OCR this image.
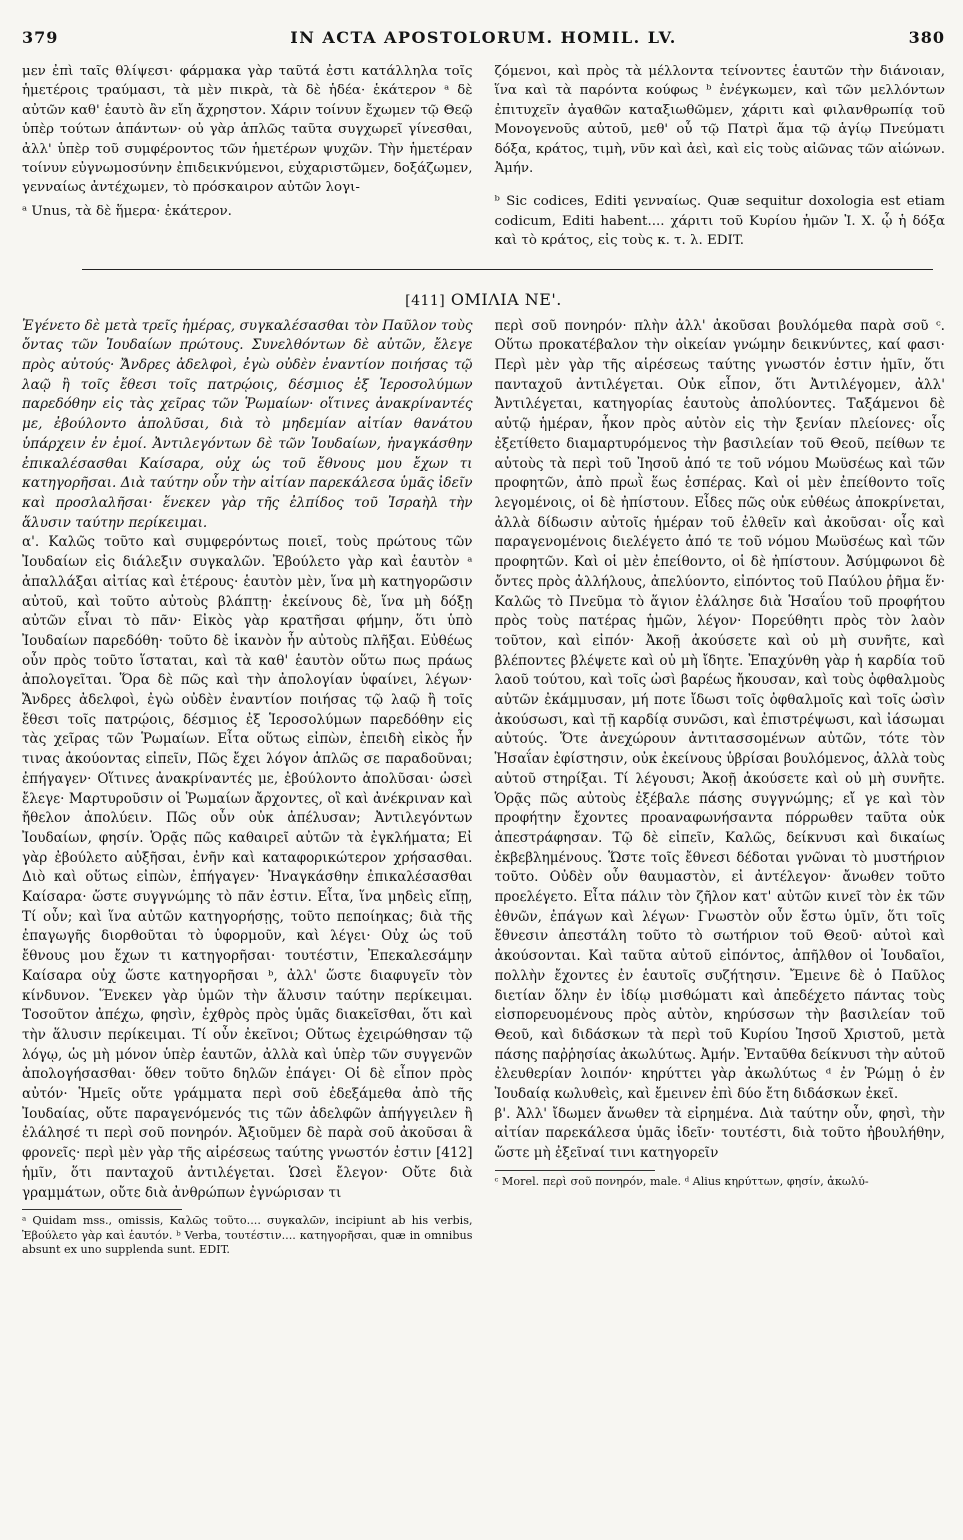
379	IN ACTA APOSTOLORUM. HOMIL. LV.	380

μεν ἐπὶ ταῖς θλίψεσι· φάρμακα γὰρ ταῦτά ἐστι κατάλληλα τοῖς ἡμετέροις τραύμασι, τὰ μὲν πικρὰ, τὰ δὲ ἡδέα· ἑκάτερον ᵃ δὲ αὐτῶν καθ' ἑαυτὸ ἂν εἴη ἄχρηστον. Χάριν τοίνυν ἔχωμεν τῷ Θεῷ ὑπὲρ τούτων ἁπάντων· οὐ γὰρ ἁπλῶς ταῦτα συγχωρεῖ γίνεσθαι, ἀλλ' ὑπὲρ τοῦ συμφέροντος τῶν ἡμετέρων ψυχῶν. Τὴν ἡμετέραν τοίνυν εὐγνωμοσύνην ἐπιδεικνύμενοι, εὐχαριστῶμεν, δοξάζωμεν, γενναίως ἀντέχωμεν, τὸ πρόσκαιρον αὐτῶν λογι-

ᵃ Unus, τὰ δὲ ἥμερα· ἑκάτερον.

ζόμενοι, καὶ πρὸς τὰ μέλλοντα τείνοντες ἑαυτῶν τὴν διάνοιαν, ἵνα καὶ τὰ παρόντα κούφως ᵇ ἐνέγκωμεν, καὶ τῶν μελλόντων ἐπιτυχεῖν ἀγαθῶν καταξιωθῶμεν, χάριτι καὶ φιλανθρωπίᾳ τοῦ Μονογενοῦς αὐτοῦ, μεθ' οὗ τῷ Πατρὶ ἅμα τῷ ἁγίῳ Πνεύματι δόξα, κράτος, τιμὴ, νῦν καὶ ἀεὶ, καὶ εἰς τοὺς αἰῶνας τῶν αἰώνων. Ἀμήν.

ᵇ Sic codices, Editi γενναίως. Quæ sequitur doxologia est etiam codicum, Editi habent.... χάριτι τοῦ Κυρίου ἡμῶν Ἰ. Χ. ᾧ ἡ δόξα καὶ τὸ κράτος, εἰς τοὺς κ. τ. λ. EDIT.

[411] ΟΜΙΛΙΑ ΝΕ'.

Ἐγένετο δὲ μετὰ τρεῖς ἡμέρας, συγκαλέσασθαι τὸν Παῦλον τοὺς ὄντας τῶν Ἰουδαίων πρώτους. Συνελθόντων δὲ αὐτῶν, ἔλεγε πρὸς αὐτούς· Ἄνδρες ἀδελφοὶ, ἐγὼ οὐδὲν ἐναντίον ποιήσας τῷ λαῷ ἢ τοῖς ἔθεσι τοῖς πατρῴοις, δέσμιος ἐξ Ἱεροσολύμων παρεδόθην εἰς τὰς χεῖρας τῶν Ῥωμαίων· οἵτινες ἀνακρίναντές με, ἐβούλοντο ἀπολῦσαι, διὰ τὸ μηδεμίαν αἰτίαν θανάτου ὑπάρχειν ἐν ἐμοί. Ἀντιλεγόντων δὲ τῶν Ἰουδαίων, ἠναγκάσθην ἐπικαλέσασθαι Καίσαρα, οὐχ ὡς τοῦ ἔθνους μου ἔχων τι κατηγορῆσαι. Διὰ ταύτην οὖν τὴν αἰτίαν παρεκάλεσα ὑμᾶς ἰδεῖν καὶ προσλαλῆσαι· ἕνεκεν γὰρ τῆς ἐλπίδος τοῦ Ἰσραὴλ τὴν ἅλυσιν ταύτην περίκειμαι.

α'. Καλῶς τοῦτο καὶ συμφερόντως ποιεῖ, τοὺς πρώτους τῶν Ἰουδαίων εἰς διάλεξιν συγκαλῶν. Ἐβούλετο γὰρ καὶ ἑαυτὸν ᵃ ἀπαλλάξαι αἰτίας καὶ ἑτέρους· ἑαυτὸν μὲν, ἵνα μὴ κατηγορῶσιν αὐτοῦ, καὶ τοῦτο αὐτοὺς βλάπτῃ· ἐκείνους δὲ, ἵνα μὴ δόξῃ αὐτῶν εἶναι τὸ πᾶν· Εἰκὸς γὰρ κρατῆσαι φήμην, ὅτι ὑπὸ Ἰουδαίων παρεδόθη· τοῦτο δὲ ἱκανὸν ἦν αὐτοὺς πλῆξαι. Εὐθέως οὖν πρὸς τοῦτο ἵσταται, καὶ τὰ καθ' ἑαυτὸν οὕτω πως πράως ἀπολογεῖται. Ὅρα δὲ πῶς καὶ τὴν ἀπολογίαν ὑφαίνει, λέγων· Ἄνδρες ἀδελφοὶ, ἐγὼ οὐδὲν ἐναντίον ποιήσας τῷ λαῷ ἢ τοῖς ἔθεσι τοῖς πατρῴοις, δέσμιος ἐξ Ἱεροσολύμων παρεδόθην εἰς τὰς χεῖρας τῶν Ῥωμαίων. Εἶτα οὕτως εἰπὼν, ἐπειδὴ εἰκὸς ἦν τινας ἀκούοντας εἰπεῖν, Πῶς ἔχει λόγον ἁπλῶς σε παραδοῦναι; ἐπήγαγεν· Οἵτινες ἀνακρίναντές με, ἐβούλοντο ἀπολῦσαι· ὡσεὶ ἔλεγε· Μαρτυροῦσιν οἱ Ῥωμαίων ἄρχοντες, οἳ καὶ ἀνέκριναν καὶ ἤθελον ἀπολύειν. Πῶς οὖν οὐκ ἀπέλυσαν; Ἀντιλεγόντων Ἰουδαίων, φησίν. Ὁρᾷς πῶς καθαιρεῖ αὐτῶν τὰ ἐγκλήματα; Εἰ γὰρ ἐβούλετο αὐξῆσαι, ἐνῆν καὶ καταφορικώτερον χρήσασθαι. Διὸ καὶ οὕτως εἰπὼν, ἐπήγαγεν· Ἠναγκάσθην ἐπικαλέσασθαι Καίσαρα· ὥστε συγγνώμης τὸ πᾶν ἐστιν. Εἶτα, ἵνα μηδεὶς εἴπῃ, Τί οὖν; καὶ ἵνα αὐτῶν κατηγορήσῃς, τοῦτο πεποίηκας; διὰ τῆς ἐπαγωγῆς διορθοῦται τὸ ὑφορμοῦν, καὶ λέγει· Οὐχ ὡς τοῦ ἔθνους μου ἔχων τι κατηγορῆσαι· τουτέστιν, Ἐπεκαλεσάμην Καίσαρα οὐχ ὥστε κατηγορῆσαι ᵇ, ἀλλ' ὥστε διαφυγεῖν τὸν κίνδυνον. Ἕνεκεν γὰρ ὑμῶν τὴν ἅλυσιν ταύτην περίκειμαι. Τοσοῦτον ἀπέχω, φησὶν, ἐχθρὸς πρὸς ὑμᾶς διακεῖσθαι, ὅτι καὶ τὴν ἅλυσιν περίκειμαι. Τί οὖν ἐκεῖνοι; Οὕτως ἐχειρώθησαν τῷ λόγῳ, ὡς μὴ μόνον ὑπὲρ ἑαυτῶν, ἀλλὰ καὶ ὑπὲρ τῶν συγγενῶν ἀπολογήσασθαι· ὅθεν τοῦτο δηλῶν ἐπάγει· Οἱ δὲ εἶπον πρὸς αὐτόν· Ἡμεῖς οὔτε γράμματα περὶ σοῦ ἐδεξάμεθα ἀπὸ τῆς Ἰουδαίας, οὔτε παραγενόμενός τις τῶν ἀδελφῶν ἀπήγγειλεν ἢ ἐλάλησέ τι περὶ σοῦ πονηρόν. Ἀξιοῦμεν δὲ παρὰ σοῦ ἀκοῦσαι ἃ φρονεῖς· περὶ μὲν γὰρ τῆς αἱρέσεως ταύτης γνωστόν ἐστιν [412] ἡμῖν, ὅτι πανταχοῦ ἀντιλέγεται. Ὡσεὶ ἔλεγον· Οὔτε διὰ γραμμάτων, οὔτε διὰ ἀνθρώπων ἐγνώρισαν τι

ᵃ Quidam mss., omissis, Καλῶς τοῦτο.... συγκαλῶν, incipiunt ab his verbis, Ἐβούλετο γὰρ καὶ ἑαυτόν. ᵇ Verba, τουτέστιν.... κατηγορῆσαι, quæ in omnibus absunt ex uno supplenda sunt. EDIT.

περὶ σοῦ πονηρόν· πλὴν ἀλλ' ἀκοῦσαι βουλόμεθα παρὰ σοῦ ᶜ. Οὕτω προκατέβαλον τὴν οἰκείαν γνώμην δεικνύντες, καί φασι· Περὶ μὲν γὰρ τῆς αἱρέσεως ταύτης γνωστόν ἐστιν ἡμῖν, ὅτι πανταχοῦ ἀντιλέγεται. Οὐκ εἶπον, ὅτι Ἀντιλέγομεν, ἀλλ' Ἀντιλέγεται, κατηγορίας ἑαυτοὺς ἀπολύοντες. Ταξάμενοι δὲ αὐτῷ ἡμέραν, ἧκον πρὸς αὐτὸν εἰς τὴν ξενίαν πλείονες· οἷς ἐξετίθετο διαμαρτυρόμενος τὴν βασιλείαν τοῦ Θεοῦ, πείθων τε αὐτοὺς τὰ περὶ τοῦ Ἰησοῦ ἀπό τε τοῦ νόμου Μωϋσέως καὶ τῶν προφητῶν, ἀπὸ πρωῒ ἕως ἑσπέρας. Καὶ οἱ μὲν ἐπείθοντο τοῖς λεγομένοις, οἱ δὲ ἠπίστουν. Εἶδες πῶς οὐκ εὐθέως ἀποκρίνεται, ἀλλὰ δίδωσιν αὐτοῖς ἡμέραν τοῦ ἐλθεῖν καὶ ἀκοῦσαι· οἷς καὶ παραγενομένοις διελέγετο ἀπό τε τοῦ νόμου Μωϋσέως καὶ τῶν προφητῶν. Καὶ οἱ μὲν ἐπείθοντο, οἱ δὲ ἠπίστουν. Ἀσύμφωνοι δὲ ὄντες πρὸς ἀλλήλους, ἀπελύοντο, εἰπόντος τοῦ Παύλου ῥῆμα ἕν· Καλῶς τὸ Πνεῦμα τὸ ἅγιον ἐλάλησε διὰ Ἡσαΐου τοῦ προφήτου πρὸς τοὺς πατέρας ἡμῶν, λέγον· Πορεύθητι πρὸς τὸν λαὸν τοῦτον, καὶ εἰπόν· Ἀκοῇ ἀκούσετε καὶ οὐ μὴ συνῆτε, καὶ βλέποντες βλέψετε καὶ οὐ μὴ ἴδητε. Ἐπαχύνθη γὰρ ἡ καρδία τοῦ λαοῦ τούτου, καὶ τοῖς ὠσὶ βαρέως ἤκουσαν, καὶ τοὺς ὀφθαλμοὺς αὐτῶν ἐκάμμυσαν, μή ποτε ἴδωσι τοῖς ὀφθαλμοῖς καὶ τοῖς ὠσὶν ἀκούσωσι, καὶ τῇ καρδίᾳ συνῶσι, καὶ ἐπιστρέψωσι, καὶ ἰάσωμαι αὐτούς. Ὅτε ἀνεχώρουν ἀντιτασσομένων αὐτῶν, τότε τὸν Ἡσαΐαν ἐφίστησιν, οὐκ ἐκείνους ὑβρίσαι βουλόμενος, ἀλλὰ τοὺς αὐτοῦ στηρίξαι. Τί λέγουσι; Ἀκοῇ ἀκούσετε καὶ οὐ μὴ συνῆτε. Ὁρᾷς πῶς αὐτοὺς ἐξέβαλε πάσης συγγνώμης; εἴ γε καὶ τὸν προφήτην ἔχοντες προαναφωνήσαντα πόρρωθεν ταῦτα οὐκ ἀπεστράφησαν. Τῷ δὲ εἰπεῖν, Καλῶς, δείκνυσι καὶ δικαίως ἐκβεβλημένους. Ὥστε τοῖς ἔθνεσι δέδοται γνῶναι τὸ μυστήριον τοῦτο. Οὐδὲν οὖν θαυμαστὸν, εἰ ἀντέλεγον· ἄνωθεν τοῦτο προελέγετο. Εἶτα πάλιν τὸν ζῆλον κατ' αὐτῶν κινεῖ τὸν ἐκ τῶν ἐθνῶν, ἐπάγων καὶ λέγων· Γνωστὸν οὖν ἔστω ὑμῖν, ὅτι τοῖς ἔθνεσιν ἀπεστάλη τοῦτο τὸ σωτήριον τοῦ Θεοῦ· αὐτοὶ καὶ ἀκούσονται. Καὶ ταῦτα αὐτοῦ εἰπόντος, ἀπῆλθον οἱ Ἰουδαῖοι, πολλὴν ἔχοντες ἐν ἑαυτοῖς συζήτησιν. Ἔμεινε δὲ ὁ Παῦλος διετίαν ὅλην ἐν ἰδίῳ μισθώματι καὶ ἀπεδέχετο πάντας τοὺς εἰσπορευομένους πρὸς αὐτὸν, κηρύσσων τὴν βασιλείαν τοῦ Θεοῦ, καὶ διδάσκων τὰ περὶ τοῦ Κυρίου Ἰησοῦ Χριστοῦ, μετὰ πάσης παῤῥησίας ἀκωλύτως. Ἀμήν. Ἐνταῦθα δείκνυσι τὴν αὐτοῦ ἐλευθερίαν λοιπόν· κηρύττει γὰρ ἀκωλύτως ᵈ ἐν Ῥώμῃ ὁ ἐν Ἰουδαίᾳ κωλυθεὶς, καὶ ἔμεινεν ἐπὶ δύο ἔτη διδάσκων ἐκεῖ.

β'. Ἀλλ' ἴδωμεν ἄνωθεν τὰ εἰρημένα. Διὰ ταύτην οὖν, φησὶ, τὴν αἰτίαν παρεκάλεσα ὑμᾶς ἰδεῖν· τουτέστι, διὰ τοῦτο ἠβουλήθην, ὥστε μὴ ἐξεῖναί τινι κατηγορεῖν

ᶜ Morel. περὶ σοῦ πονηρόν, male. ᵈ Alius κηρύττων, φησίν, ἀκωλύ-
